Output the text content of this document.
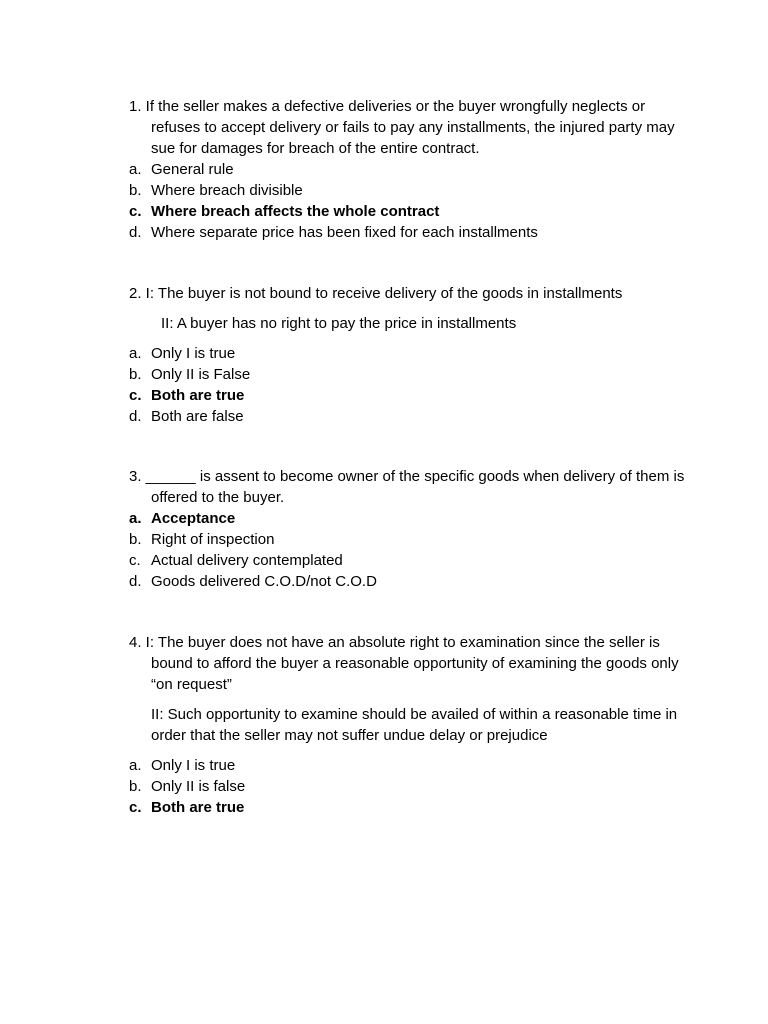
1. If the seller makes a defective deliveries or the buyer wrongfully neglects or refuses to accept delivery or fails to pay any installments, the injured party may sue for damages for breach of the entire contract.

a. General rule
b. Where breach divisible
c. Where breach affects the whole contract
d. Where separate price has been fixed for each installments

2. I: The buyer is not bound to receive delivery of the goods in installments

II: A buyer has no right to pay the price in installments

a. Only I is true
b. Only II is False
c. Both are true
d. Both are false

3. ______ is assent to become owner of the specific goods when delivery of them is offered to the buyer.

a. Acceptance
b. Right of inspection
c. Actual delivery contemplated
d. Goods delivered C.O.D/not C.O.D

4. I: The buyer does not have an absolute right to examination since the seller is bound to afford the buyer a reasonable opportunity of examining the goods only “on request”

II: Such opportunity to examine should be availed of within a reasonable time in order that the seller may not suffer undue delay or prejudice

a. Only I is true
b. Only II is false
c. Both are true
